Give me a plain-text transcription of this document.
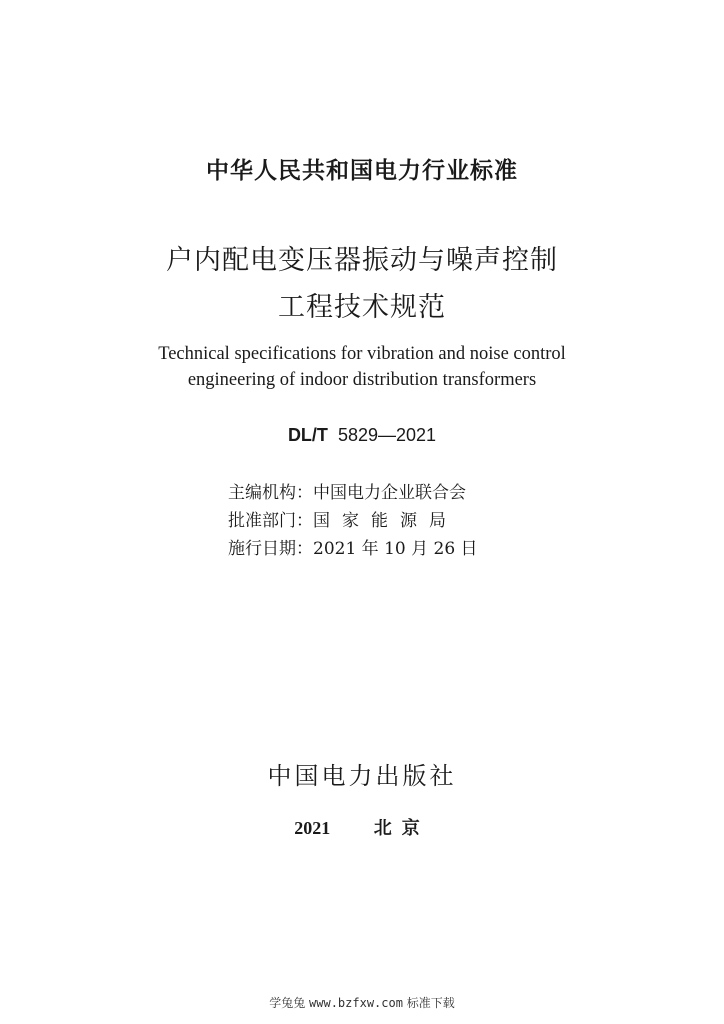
中华人民共和国电力行业标准
户内配电变压器振动与噪声控制
工程技术规范
Technical specifications for vibration and noise control
engineering of indoor distribution transformers
DL/T 5829—2021
主编机构：中国电力企业联合会
批准部门：国家能源局
施行日期：2021 年 10 月 26 日
中国电力出版社
2021 北京
学兔兔 www.bzfxw.com 标准下载
